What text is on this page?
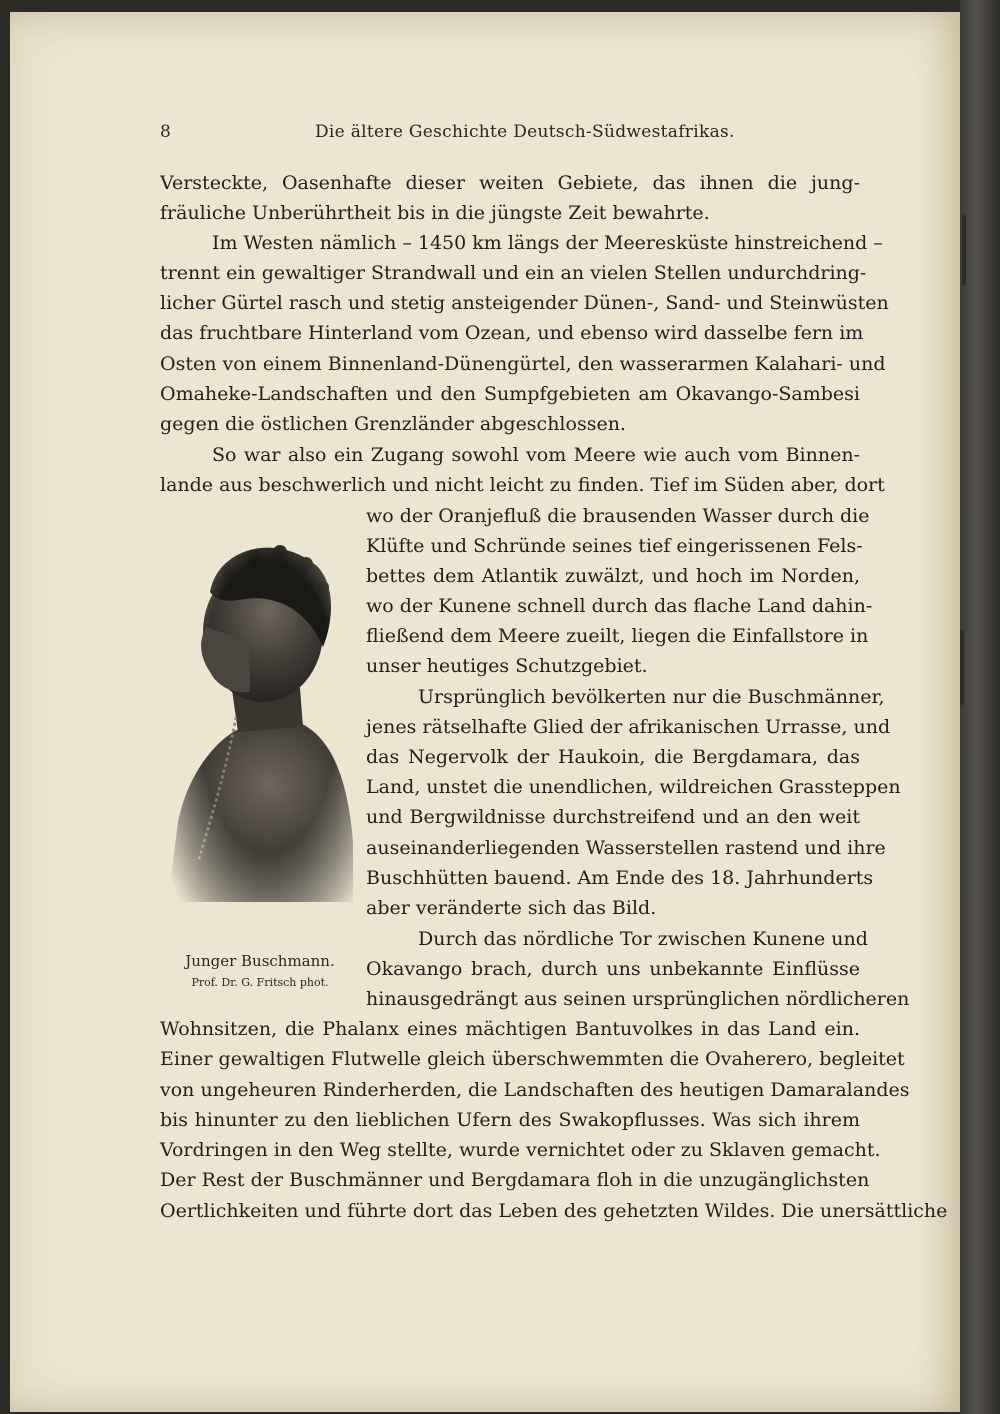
8	Die ältere Geschichte Deutsch-Südwestafrikas.
Versteckte, Oasenhafte dieser weiten Gebiete, das ihnen die jung-
fräuliche Unberührtheit bis in die jüngste Zeit bewahrte.
Im Westen nämlich – 1450 km längs der Meeresküste hinstreichend –
trennt ein gewaltiger Strandwall und ein an vielen Stellen undurchdring-
licher Gürtel rasch und stetig ansteigender Dünen-, Sand- und Steinwüsten
das fruchtbare Hinterland vom Ozean, und ebenso wird dasselbe fern im
Osten von einem Binnenland-Dünengürtel, den wasserarmen Kalahari- und
Omaheke-Landschaften und den Sumpfgebieten am Okavango-Sambesi
gegen die östlichen Grenzländer abgeschlossen.
So war also ein Zugang sowohl vom Meere wie auch vom Binnen-
lande aus beschwerlich und nicht leicht zu finden. Tief im Süden aber, dort
wo der Oranjefluß die brausenden Wasser durch die
Klüfte und Schründe seines tief eingerissenen Fels-
bettes dem Atlantik zuwälzt, und hoch im Norden,
wo der Kunene schnell durch das flache Land dahin-
fließend dem Meere zueilt, liegen die Einfallstore in
unser heutiges Schutzgebiet.
Ursprünglich bevölkerten nur die Buschmänner,
jenes rätselhafte Glied der afrikanischen Urrasse, und
das Negervolk der Haukoin, die Bergdamara, das
Land, unstet die unendlichen, wildreichen Grassteppen
und Bergwildnisse durchstreifend und an den weit
auseinanderliegenden Wasserstellen rastend und ihre
Buschhütten bauend. Am Ende des 18. Jahrhunderts
aber veränderte sich das Bild.
Durch das nördliche Tor zwischen Kunene und
Okavango brach, durch uns unbekannte Einflüsse
hinausgedrängt aus seinen ursprünglichen nördlicheren
Wohnsitzen, die Phalanx eines mächtigen Bantuvolkes in das Land ein.
Einer gewaltigen Flutwelle gleich überschwemmten die Ovaherero, begleitet
von ungeheuren Rinderherden, die Landschaften des heutigen Damaralandes
bis hinunter zu den lieblichen Ufern des Swakopflusses. Was sich ihrem
Vordringen in den Weg stellte, wurde vernichtet oder zu Sklaven gemacht.
Der Rest der Buschmänner und Bergdamara floh in die unzugänglichsten
Oertlichkeiten und führte dort das Leben des gehetzten Wildes. Die unersättliche
Junger Buschmann.
Prof. Dr. G. Fritsch phot.
